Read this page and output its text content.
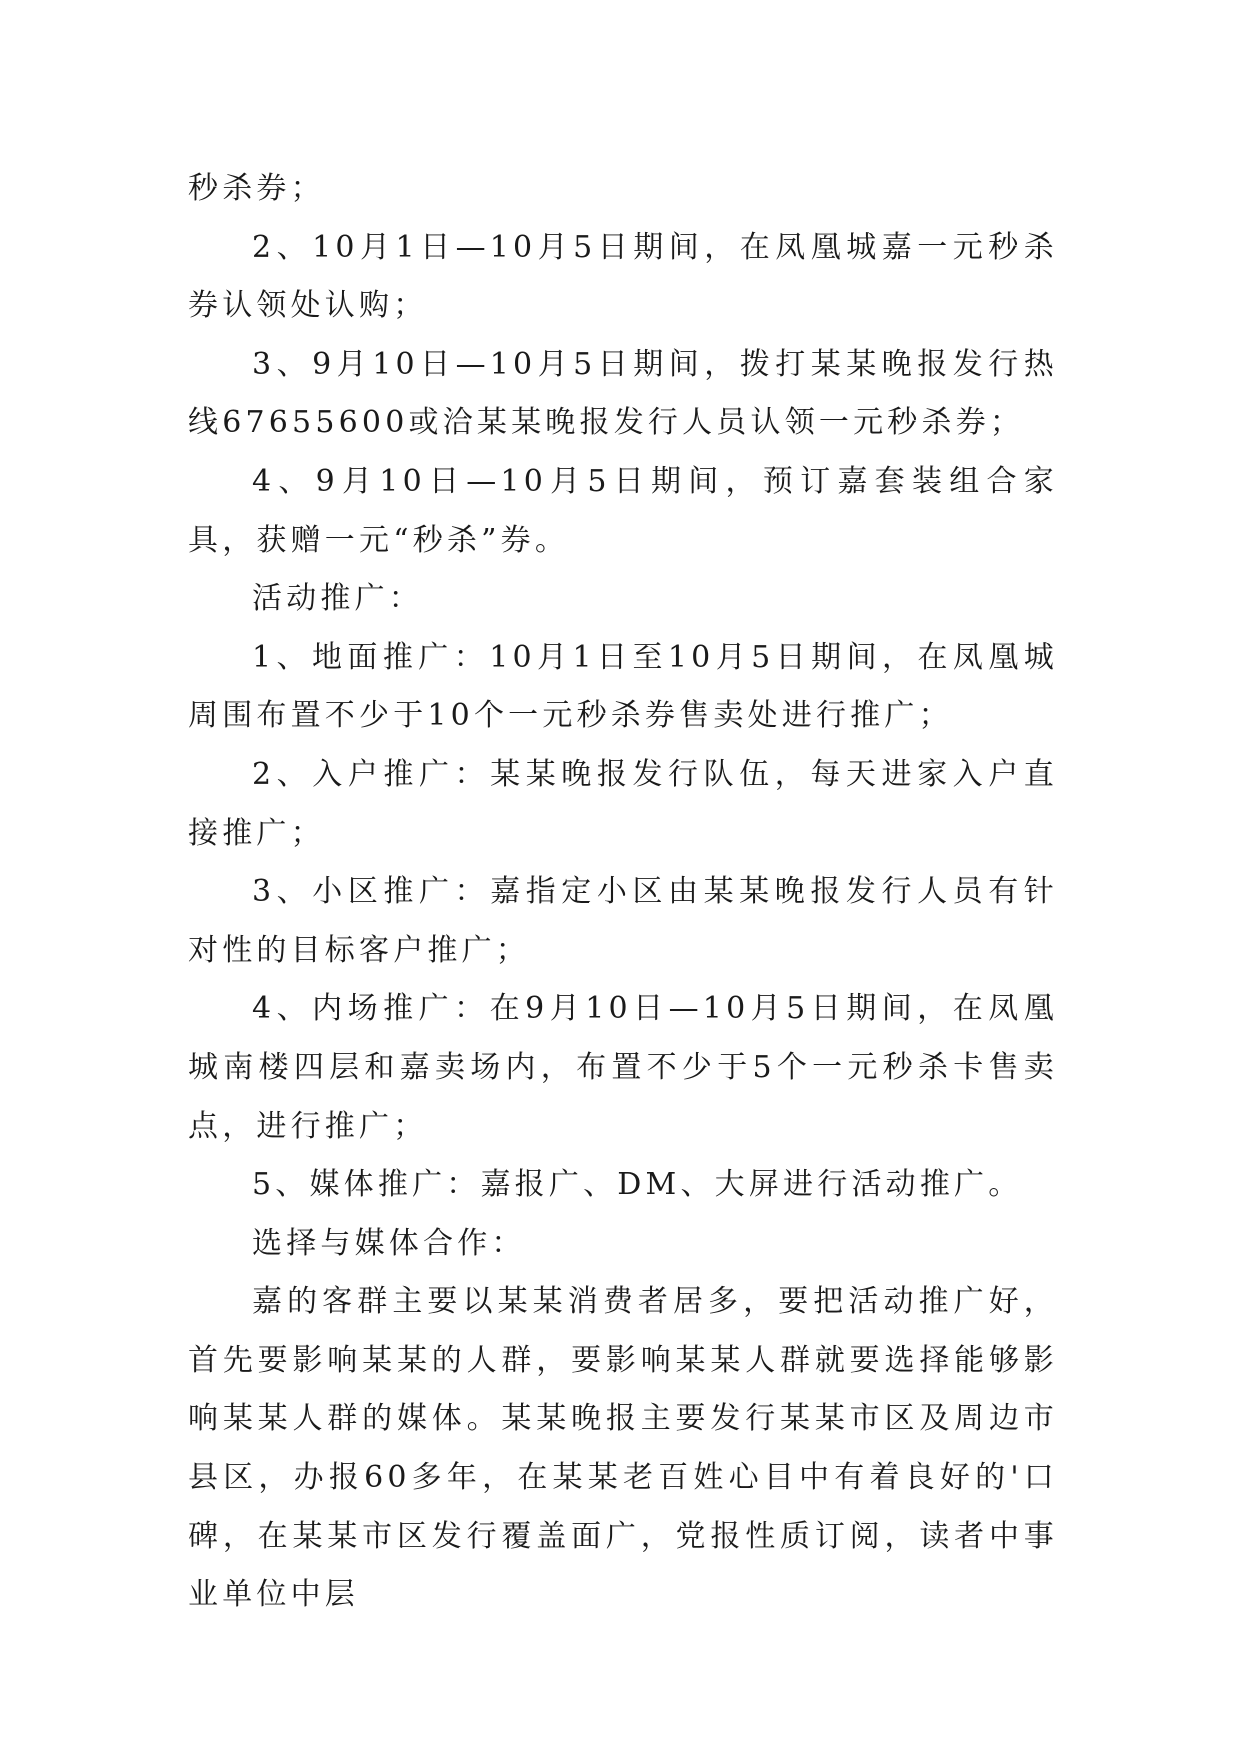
秒杀券；

2、10月1日—10月5日期间，在凤凰城嘉一元秒杀券认领处认购；

3、9月10日—10月5日期间，拨打某某晚报发行热线67655600或洽某某晚报发行人员认领一元秒杀券；

4、9月10日—10月5日期间，预订嘉套装组合家具，获赠一元“秒杀”券。

活动推广：

1、地面推广：10月1日至10月5日期间，在凤凰城周围布置不少于10个一元秒杀券售卖处进行推广；

2、入户推广：某某晚报发行队伍，每天进家入户直接推广；

3、小区推广：嘉指定小区由某某晚报发行人员有针对性的目标客户推广；

4、内场推广：在9月10日—10月5日期间，在凤凰城南楼四层和嘉卖场内，布置不少于5个一元秒杀卡售卖点，进行推广；

5、媒体推广：嘉报广、DM、大屏进行活动推广。

选择与媒体合作：

嘉的客群主要以某某消费者居多，要把活动推广好，首先要影响某某的人群，要影响某某人群就要选择能够影响某某人群的媒体。某某晚报主要发行某某市区及周边市县区，办报60多年，在某某老百姓心目中有着良好的'口碑，在某某市区发行覆盖面广，党报性质订阅，读者中事业单位中层
